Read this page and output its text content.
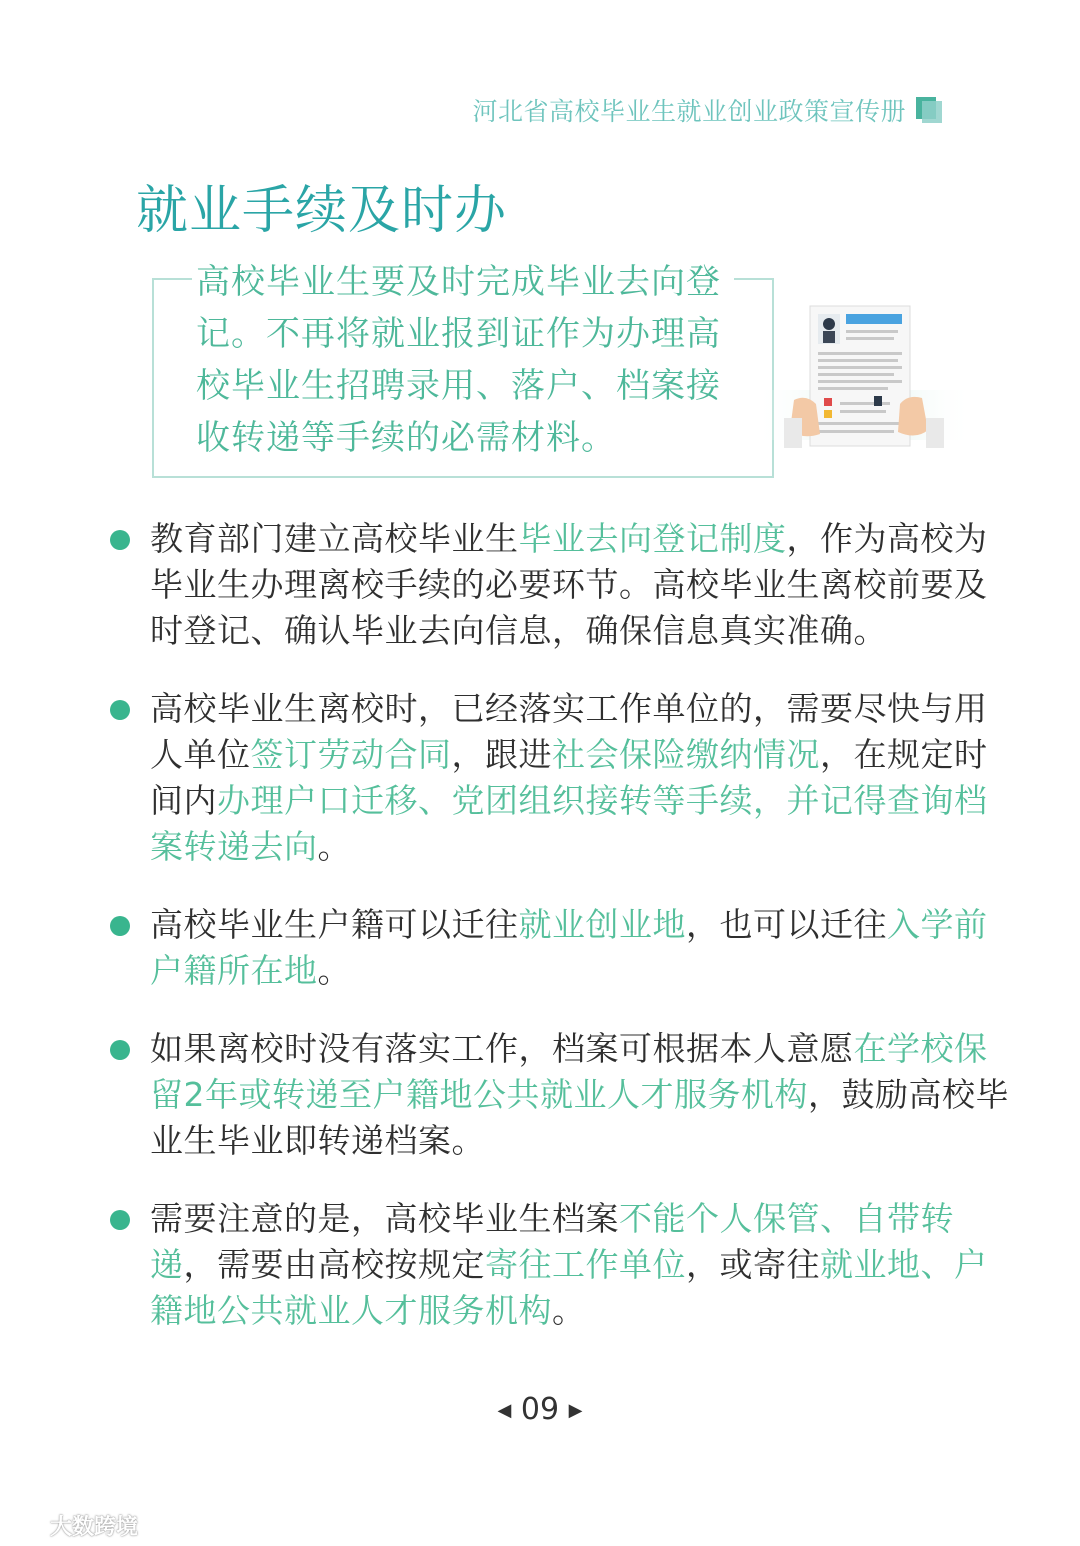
河北省高校毕业生就业创业政策宣传册
就业手续及时办
高校毕业生要及时完成毕业去向登记。不再将就业报到证作为办理高校毕业生招聘录用、落户、档案接收转递等手续的必需材料。
教育部门建立高校毕业生毕业去向登记制度，作为高校为毕业生办理离校手续的必要环节。高校毕业生离校前要及时登记、确认毕业去向信息，确保信息真实准确。
高校毕业生离校时，已经落实工作单位的，需要尽快与用人单位签订劳动合同，跟进社会保险缴纳情况，在规定时间内办理户口迁移、党团组织接转等手续，并记得查询档案转递去向。
高校毕业生户籍可以迁往就业创业地，也可以迁往入学前户籍所在地。
如果离校时没有落实工作，档案可根据本人意愿在学校保留2年或转递至户籍地公共就业人才服务机构，鼓励高校毕业生毕业即转递档案。
需要注意的是，高校毕业生档案不能个人保管、自带转递，需要由高校按规定寄往工作单位，或寄往就业地、户籍地公共就业人才服务机构。
◀ 09 ▶
大数跨境
